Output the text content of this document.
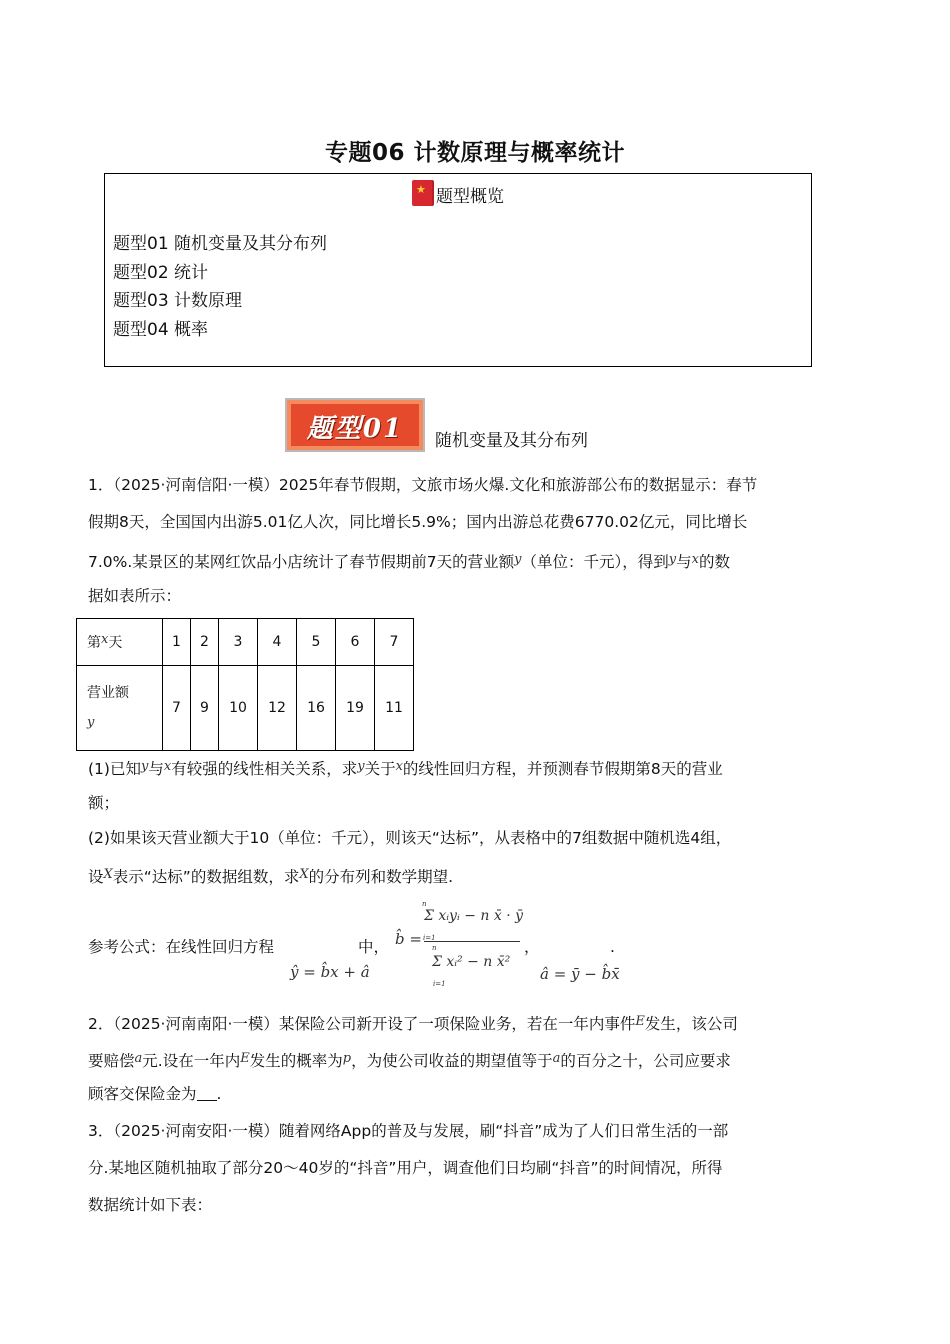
专题06 计数原理与概率统计
★题型概览
题型01 随机变量及其分布列
题型02 统计
题型03 计数原理
题型04 概率
题型01	随机变量及其分布列
1．（2025·河南信阳·一模）2025年春节假期，文旅市场火爆.文化和旅游部公布的数据显示：春节
假期8天，全国国内出游5.01亿人次，同比增长5.9%；国内出游总花费6770.02亿元，同比增长
7.0%.某景区的某网红饮品小店统计了春节假期前7天的营业额$^y$（单位：千元），得到$^y$与$^x$的数
据如表所示：
第x天	1	2	3	4	5	6	7

营业额
y	7	9	10	12	16	19	11
(1)已知$^y$与$^x$有较强的线性相关关系，求$^y$关于$^x$的线性回归方程，并预测春节假期第8天的营业
额；
(2)如果该天营业额大于10（单位：千元），则该天“达标”，从表格中的7组数据中随机选4组，
设$^X$表示“达标”的数据组数，求$^X$的分布列和数学期望.
参考公式：在线性回归方程	中，
ŷ = b̂x + â
b̂ =
n
i=1
Σ xᵢyᵢ − n x̄ · ȳ
n
i=1
Σ xᵢ² − n x̄²
，
â = ȳ − b̂x̄
.
2．（2025·河南南阳·一模）某保险公司新开设了一项保险业务，若在一年内事件$^E$发生，该公司
要赔偿$^a$元.设在一年内$^E$发生的概率为$^p$，为使公司收益的期望值等于$^a$的百分之十，公司应要求
顾客交保险金为 .
3．（2025·河南安阳·一模）随着网络App的普及与发展，刷“抖音”成为了人们日常生活的一部
分.某地区随机抽取了部分20～40岁的“抖音”用户，调查他们日均刷“抖音”的时间情况，所得
数据统计如下表：
